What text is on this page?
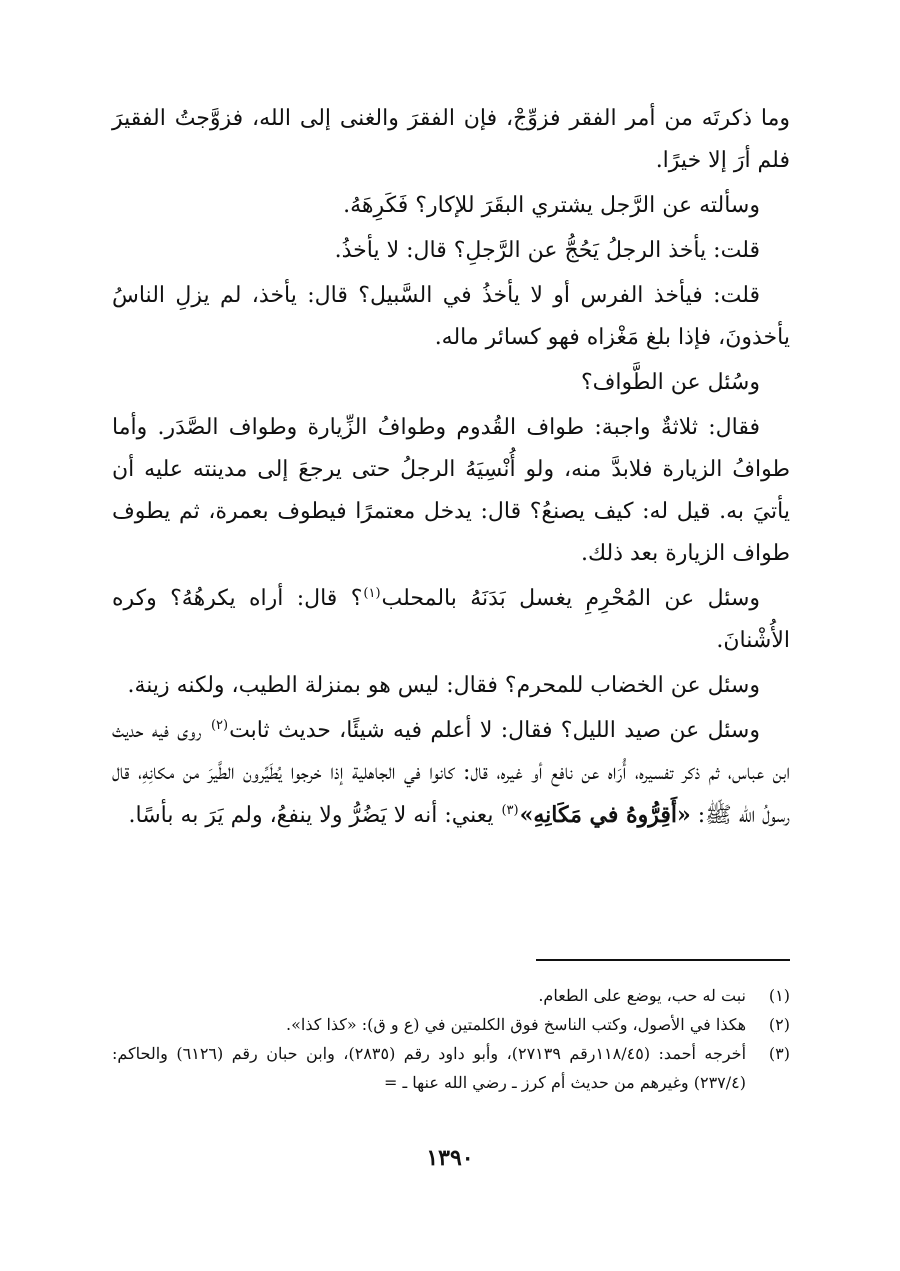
وما ذكرتَه من أمر الفقر فزوِّجْ، فإن الفقرَ والغنى إلى الله، فزوَّجتُ الفقيرَ فلم أرَ إلا خيرًا.

وسألته عن الرَّجل يشتري البقَرَ للإكار؟ فَكَرِهَهُ.

قلت: يأخذ الرجلُ يَحُجُّ عن الرَّجلِ؟ قال: لا يأخذُ.

قلت: فيأخذ الفرس أو لا يأخذُ في السَّبيل؟ قال: يأخذ، لم يزلِ الناسُ يأخذونَ، فإذا بلغ مَغْزاه فهو كسائر ماله.

وسُئل عن الطَّواف؟

فقال: ثلاثةٌ واجبة: طواف القُدوم وطوافُ الزِّيارة وطواف الصَّدَر. وأما طوافُ الزيارة فلابدَّ منه، ولو أُنْسِيَهُ الرجلُ حتى يرجعَ إلى مدينته عليه أن يأتيَ به. قيل له: كيف يصنعُ؟ قال: يدخل معتمرًا فيطوف بعمرة، ثم يطوف طواف الزيارة بعد ذلك.

وسئل عن المُحْرِمِ يغسل بَدَنَهُ بالمحلب$^{(١)}$؟ قال: أراه يكرهُهُ؟ وكره الأُشْنانَ.

وسئل عن الخضاب للمحرم؟ فقال: ليس هو بمنزلة الطيب، ولكنه زينة.

وسئل عن صيد الليل؟ فقال: لا أعلم فيه شيئًا، حديث ثابت$^{(٢)}$ روى فيه حديث ابن عباس، ثم ذكر تفسيره، أُرَاه عن نافع أو غيره، قال: كانوا في الجاهلية إذا خرجوا يُطَيِّرون الطَّيرَ من مكانِهِ، قال رسولُ الله ﷺ: «أَقِرُّوهُ في مَكَانِهِ»$^{(٣)}$ يعني: أنه لا يَضُرُّ ولا ينفعُ، ولم يَرَ به بأسًا.

(١)
نبت له حب، يوضع على الطعام.
(٢)
هكذا في الأصول، وكتب الناسخ فوق الكلمتين في (ع و ق): «كذا كذا».
(٣)
أخرجه أحمد: (١١٨/٤٥رقم ٢٧١٣٩)، وأبو داود رقم (٢٨٣٥)، وابن حبان رقم (٦١٢٦) والحاكم: (٢٣٧/٤) وغيرهم من حديث أم كرز ـ رضي الله عنها ـ =
١٣٩٠
